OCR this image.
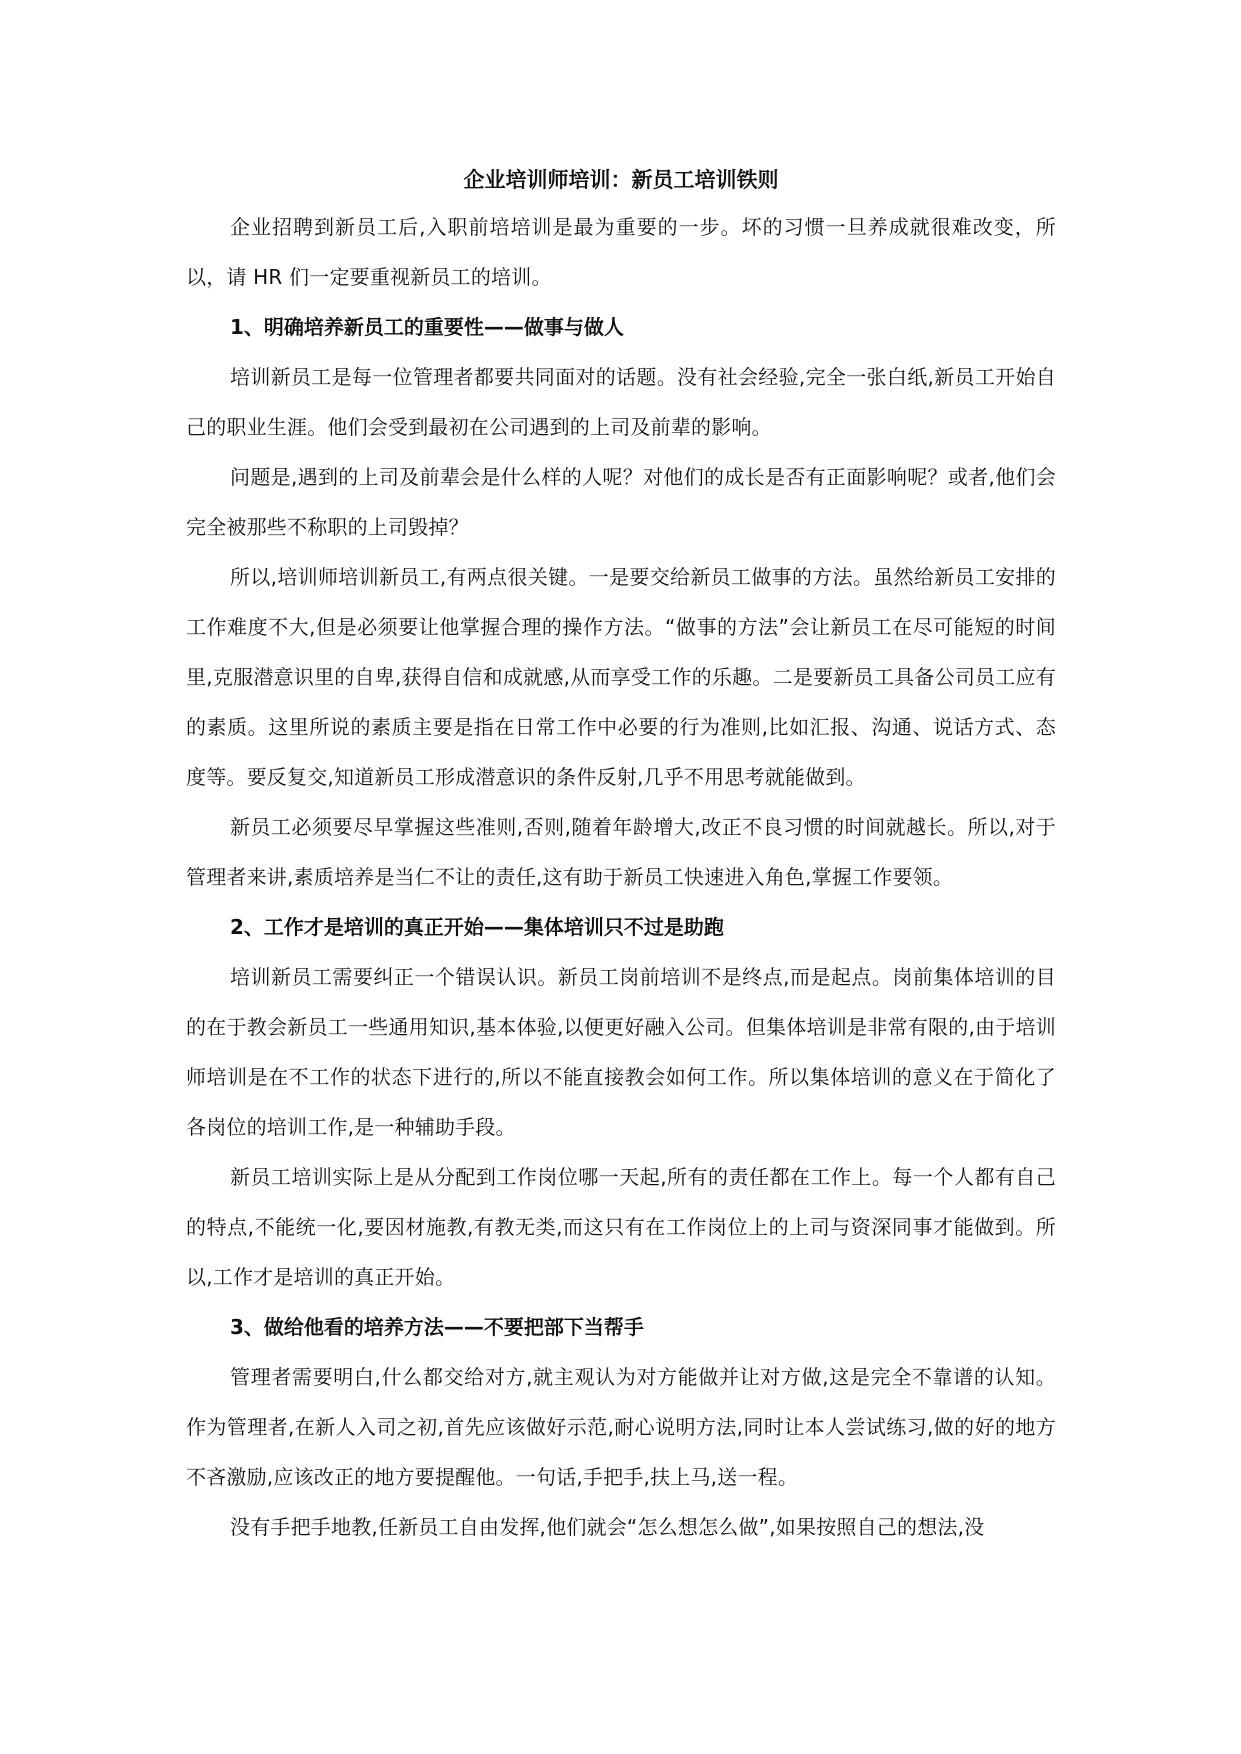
企业培训师培训：新员工培训铁则

企业招聘到新员工后,入职前培培训是最为重要的一步。坏的习惯一旦养成就很难改变，所以，请 HR 们一定要重视新员工的培训。

1、明确培养新员工的重要性——做事与做人

培训新员工是每一位管理者都要共同面对的话题。没有社会经验,完全一张白纸,新员工开始自己的职业生涯。他们会受到最初在公司遇到的上司及前辈的影响。

问题是,遇到的上司及前辈会是什么样的人呢？对他们的成长是否有正面影响呢？或者,他们会完全被那些不称职的上司毁掉？

所以,培训师培训新员工,有两点很关键。一是要交给新员工做事的方法。虽然给新员工安排的工作难度不大,但是必须要让他掌握合理的操作方法。“做事的方法”会让新员工在尽可能短的时间里,克服潜意识里的自卑,获得自信和成就感,从而享受工作的乐趣。二是要新员工具备公司员工应有的素质。这里所说的素质主要是指在日常工作中必要的行为准则,比如汇报、沟通、说话方式、态度等。要反复交,知道新员工形成潜意识的条件反射,几乎不用思考就能做到。

新员工必须要尽早掌握这些准则,否则,随着年龄增大,改正不良习惯的时间就越长。所以,对于管理者来讲,素质培养是当仁不让的责任,这有助于新员工快速进入角色,掌握工作要领。

2、工作才是培训的真正开始——集体培训只不过是助跑

培训新员工需要纠正一个错误认识。新员工岗前培训不是终点,而是起点。岗前集体培训的目的在于教会新员工一些通用知识,基本体验,以便更好融入公司。但集体培训是非常有限的,由于培训师培训是在不工作的状态下进行的,所以不能直接教会如何工作。所以集体培训的意义在于简化了各岗位的培训工作,是一种辅助手段。

新员工培训实际上是从分配到工作岗位哪一天起,所有的责任都在工作上。每一个人都有自己的特点,不能统一化,要因材施教,有教无类,而这只有在工作岗位上的上司与资深同事才能做到。所以,工作才是培训的真正开始。

3、做给他看的培养方法——不要把部下当帮手

管理者需要明白,什么都交给对方,就主观认为对方能做并让对方做,这是完全不靠谱的认知。作为管理者,在新人入司之初,首先应该做好示范,耐心说明方法,同时让本人尝试练习,做的好的地方不吝激励,应该改正的地方要提醒他。一句话,手把手,扶上马,送一程。

没有手把手地教,任新员工自由发挥,他们就会“怎么想怎么做”,如果按照自己的想法,没
